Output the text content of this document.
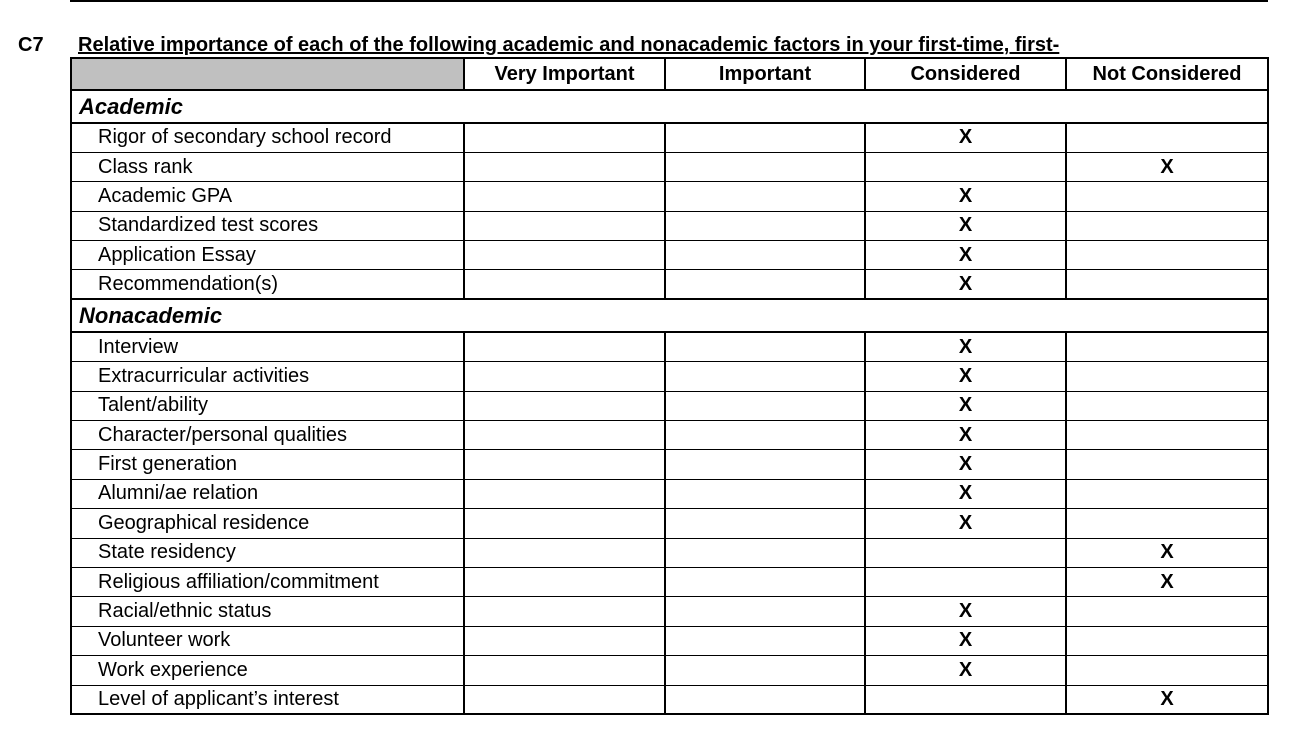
C7 Relative importance of each of the following academic and nonacademic factors in your first-time, first-
	Very Important	Important	Considered	Not Considered
Academic				
Rigor of secondary school record			X	
Class rank				X
Academic GPA			X	
Standardized test scores			X	
Application Essay			X	
Recommendation(s)			X	
Nonacademic				
Interview			X	
Extracurricular activities			X	
Talent/ability			X	
Character/personal qualities			X	
First generation			X	
Alumni/ae relation			X	
Geographical residence			X	
State residency				X
Religious affiliation/commitment				X
Racial/ethnic status			X	
Volunteer work			X	
Work experience			X	
Level of applicant’s interest				X
